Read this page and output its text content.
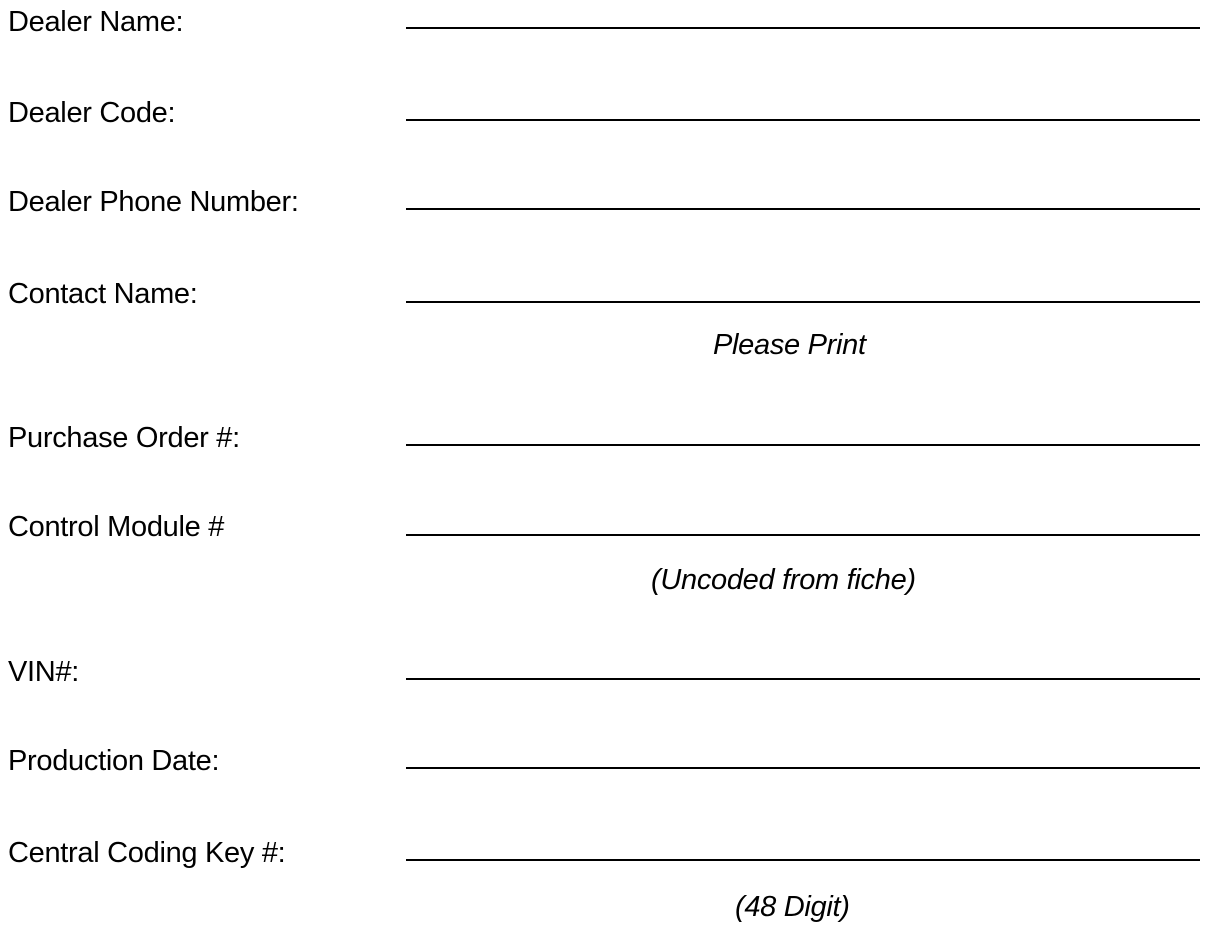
Dealer Name:
Dealer Code:
Dealer Phone Number:
Contact Name:
Please Print
Purchase Order #:
Control Module #
(Uncoded from fiche)
VIN#:
Production Date:
Central Coding Key #:
(48 Digit)
